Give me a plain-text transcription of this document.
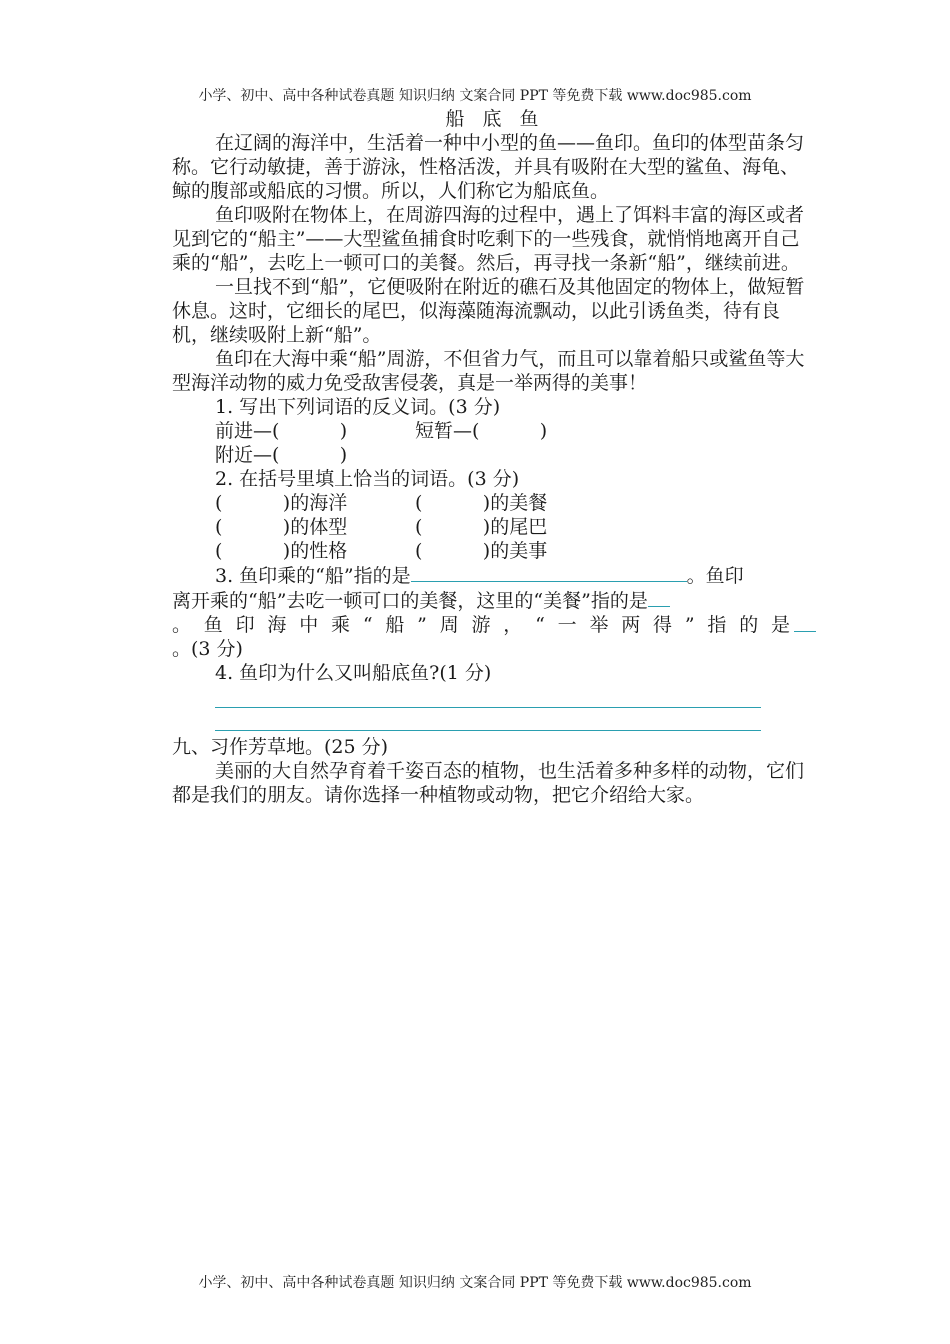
小学、初中、高中各种试卷真题 知识归纳 文案合同 PPT 等免费下载 www.doc985.com

船底鱼

在辽阔的海洋中，生活着一种中小型的鱼——鱼印。鱼印的体型苗条匀称。它行动敏捷，善于游泳，性格活泼，并具有吸附在大型的鲨鱼、海龟、鲸的腹部或船底的习惯。所以，人们称它为船底鱼。

鱼印吸附在物体上，在周游四海的过程中，遇上了饵料丰富的海区或者见到它的“船主”——大型鲨鱼捕食时吃剩下的一些残食，就悄悄地离开自己乘的“船”，去吃上一顿可口的美餐。然后，再寻找一条新“船”，继续前进。

一旦找不到“船”，它便吸附在附近的礁石及其他固定的物体上，做短暂休息。这时，它细长的尾巴，似海藻随海流飘动，以此引诱鱼类，待有良机，继续吸附上新“船”。

鱼印在大海中乘“船”周游，不但省力气，而且可以靠着船只或鲨鱼等大型海洋动物的威力免受敌害侵袭，真是一举两得的美事！

1. 写出下列词语的反义词。(3 分)

前进—(          )	短暂—(          )
附近—(          )

2. 在括号里填上恰当的词语。(3 分)

(          )的海洋	(          )的美餐
(          )的体型	(          )的尾巴
(          )的性格	(          )的美事

3. 鱼印乘的“船”指的是	。鱼印

离开乘的“船”去吃一顿可口的美餐，这里的“美餐”指的是

。鱼印海中乘“船”周游，“一举两得”指的是

。(3 分)

4. 鱼印为什么又叫船底鱼?(1 分)

九、习作芳草地。(25 分)

美丽的大自然孕育着千姿百态的植物，也生活着多种多样的动物，它们都是我们的朋友。请你选择一种植物或动物，把它介绍给大家。

小学、初中、高中各种试卷真题 知识归纳 文案合同 PPT 等免费下载 www.doc985.com
